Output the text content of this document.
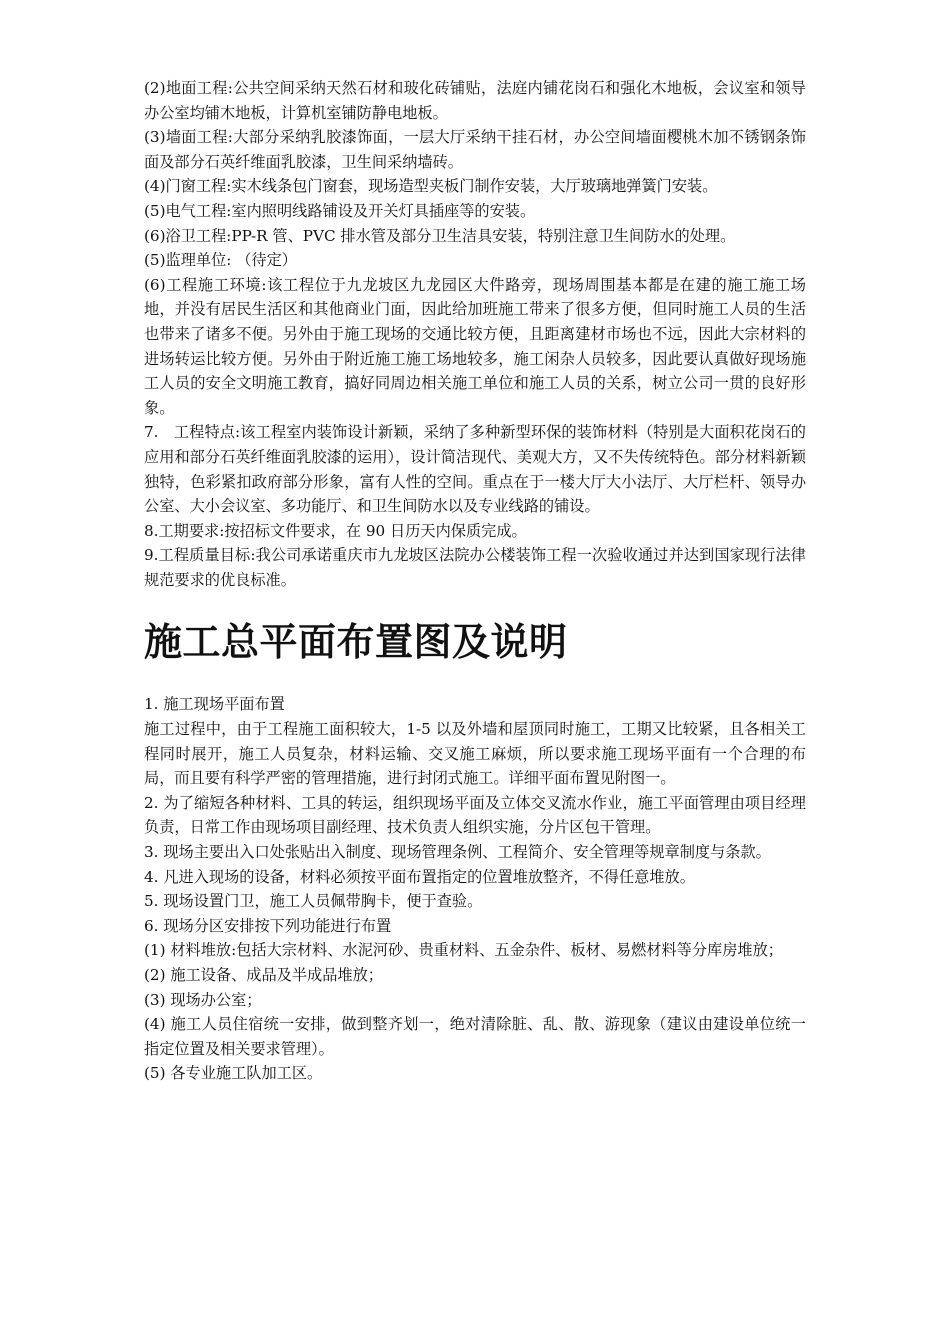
(2)地面工程:公共空间采纳天然石材和玻化砖铺贴，法庭内铺花岗石和强化木地板，会议室和领导办公室均铺木地板，计算机室铺防静电地板。

(3)墙面工程:大部分采纳乳胶漆饰面，一层大厅采纳干挂石材，办公空间墙面樱桃木加不锈钢条饰面及部分石英纤维面乳胶漆，卫生间采纳墙砖。

(4)门窗工程:实木线条包门窗套，现场造型夹板门制作安装，大厅玻璃地弹簧门安装。

(5)电气工程:室内照明线路铺设及开关灯具插座等的安装。

(6)浴卫工程:PP-R 管、PVC 排水管及部分卫生洁具安装，特别注意卫生间防水的处理。

(5)监理单位: （待定）

(6)工程施工环境:该工程位于九龙坡区九龙园区大件路旁，现场周围基本都是在建的施工施工场地，并没有居民生活区和其他商业门面，因此给加班施工带来了很多方便，但同时施工人员的生活也带来了诸多不便。另外由于施工现场的交通比较方便，且距离建材市场也不远，因此大宗材料的进场转运比较方便。另外由于附近施工施工场地较多，施工闲杂人员较多，因此要认真做好现场施工人员的安全文明施工教育，搞好同周边相关施工单位和施工人员的关系，树立公司一贯的良好形象。

7.　工程特点:该工程室内装饰设计新颖，采纳了多种新型环保的装饰材料（特别是大面积花岗石的应用和部分石英纤维面乳胶漆的运用），设计简洁现代、美观大方，又不失传统特色。部分材料新颖独特，色彩紧扣政府部分形象，富有人性的空间。重点在于一楼大厅大小法厅、大厅栏杆、领导办公室、大小会议室、多功能厅、和卫生间防水以及专业线路的铺设。

8.工期要求:按招标文件要求，在 90 日历天内保质完成。

9.工程质量目标:我公司承诺重庆市九龙坡区法院办公楼装饰工程一次验收通过并达到国家现行法律规范要求的优良标准。

施工总平面布置图及说明

1. 施工现场平面布置

施工过程中，由于工程施工面积较大，1-5 以及外墙和屋顶同时施工，工期又比较紧，且各相关工程同时展开，施工人员复杂，材料运输、交叉施工麻烦，所以要求施工现场平面有一个合理的布局，而且要有科学严密的管理措施，进行封闭式施工。详细平面布置见附图一。

2. 为了缩短各种材料、工具的转运，组织现场平面及立体交叉流水作业，施工平面管理由项目经理负责，日常工作由现场项目副经理、技术负责人组织实施，分片区包干管理。

3. 现场主要出入口处张贴出入制度、现场管理条例、工程简介、安全管理等规章制度与条款。

4. 凡进入现场的设备，材料必须按平面布置指定的位置堆放整齐，不得任意堆放。

5. 现场设置门卫，施工人员佩带胸卡，便于查验。

6. 现场分区安排按下列功能进行布置

(1) 材料堆放:包括大宗材料、水泥河砂、贵重材料、五金杂件、板材、易燃材料等分库房堆放；

(2) 施工设备、成品及半成品堆放；

(3) 现场办公室；

(4) 施工人员住宿统一安排，做到整齐划一，绝对清除脏、乱、散、游现象（建议由建设单位统一指定位置及相关要求管理）。

(5) 各专业施工队加工区。
